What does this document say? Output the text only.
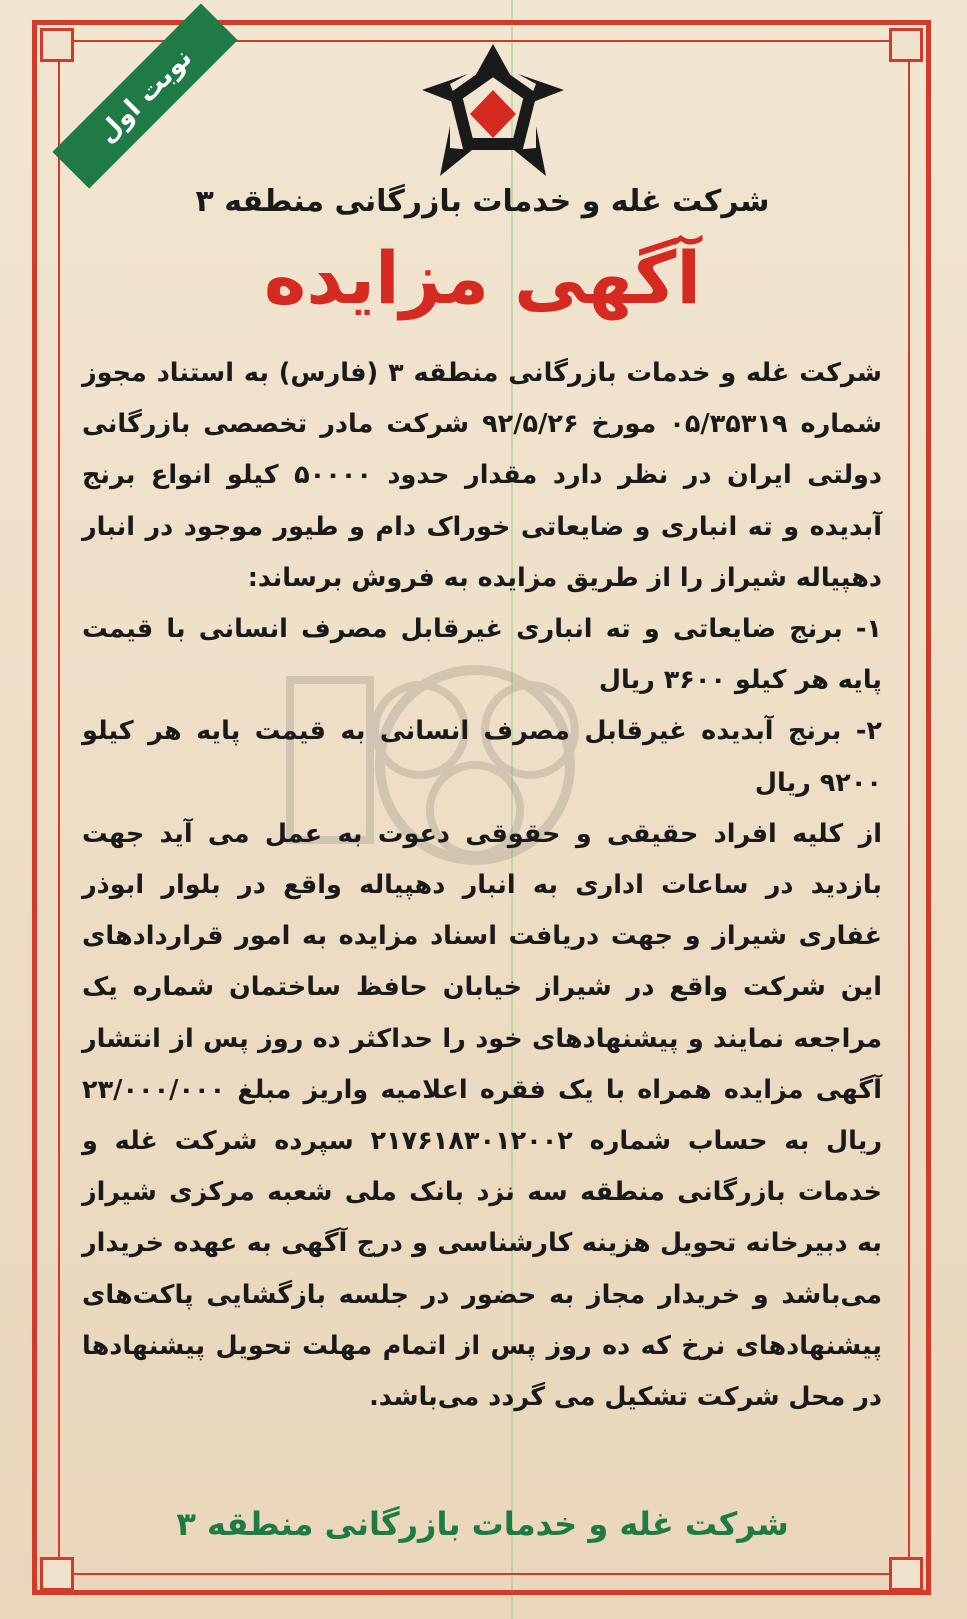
نوبت اول
شرکت غله و خدمات بازرگانی منطقه ۳
آگهی مزایده

شرکت غله و خدمات بازرگانی منطقه ۳ (فارس) به استناد مجوز شماره ۰۵/۳۵۳۱۹ مورخ ۹۲/۵/۲۶ شرکت مادر تخصصی بازرگانی دولتی ایران در نظر دارد مقدار حدود ۵۰۰۰۰ کیلو انواع برنج آبدیده و ته انباری و ضایعاتی خوراک دام و طیور موجود در انبار دهپیاله شیراز را از طریق مزایده به فروش برساند:

۱- برنج ضایعاتی و ته انباری غیرقابل مصرف انسانی با قیمت پایه هر کیلو ۳۶۰۰ ریال

۲- برنج آبدیده غیرقابل مصرف انسانی به قیمت پایه هر کیلو ۹۲۰۰ ریال

از کلیه افراد حقیقی و حقوقی دعوت به عمل می آید جهت بازدید در ساعات اداری به انبار دهپیاله واقع در بلوار ابوذر غفاری شیراز و جهت دریافت اسناد مزایده به امور قراردادهای این شرکت واقع در شیراز خیابان حافظ ساختمان شماره یک مراجعه نمایند و پیشنهادهای خود را حداکثر ده روز پس از انتشار آگهی مزایده همراه با یک فقره اعلامیه واریز مبلغ ۲۳/۰۰۰/۰۰۰ ریال به حساب شماره ۲۱۷۶۱۸۳۰۱۲۰۰۲ سپرده شرکت غله و خدمات بازرگانی منطقه سه نزد بانک ملی شعبه مرکزی شیراز به دبیرخانه تحویل هزینه کارشناسی و درج آگهی به عهده خریدار می‌باشد و خریدار مجاز به حضور در جلسه بازگشایی پاکت‌های پیشنهادهای نرخ که ده روز پس از اتمام مهلت تحویل پیشنهادها در محل شرکت تشکیل می گردد می‌باشد.

شرکت غله و خدمات بازرگانی منطقه ۳
